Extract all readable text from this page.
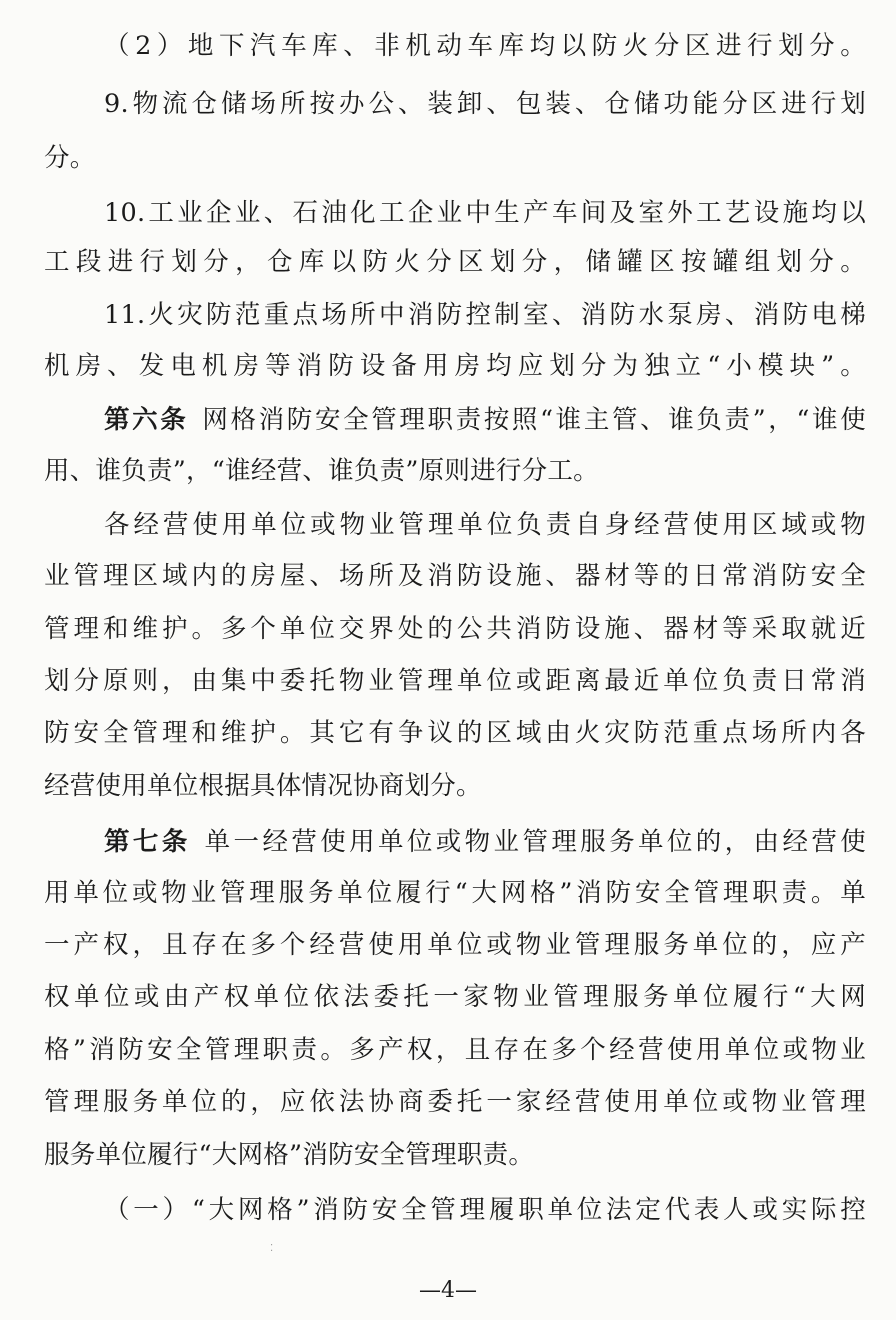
（2）地下汽车库、非机动车库均以防火分区进行划分。
9.物流仓储场所按办公、装卸、包装、仓储功能分区进行划
分。
10.工业企业、石油化工企业中生产车间及室外工艺设施均以
工段进行划分，仓库以防火分区划分，储罐区按罐组划分。
11.火灾防范重点场所中消防控制室、消防水泵房、消防电梯
机房、发电机房等消防设备用房均应划分为独立“小模块”。
第六条 网格消防安全管理职责按照“谁主管、谁负责”，“谁使
用、谁负责”，“谁经营、谁负责”原则进行分工。
各经营使用单位或物业管理单位负责自身经营使用区域或物
业管理区域内的房屋、场所及消防设施、器材等的日常消防安全
管理和维护。多个单位交界处的公共消防设施、器材等采取就近
划分原则，由集中委托物业管理单位或距离最近单位负责日常消
防安全管理和维护。其它有争议的区域由火灾防范重点场所内各
经营使用单位根据具体情况协商划分。
第七条 单一经营使用单位或物业管理服务单位的，由经营使
用单位或物业管理服务单位履行“大网格”消防安全管理职责。单
一产权，且存在多个经营使用单位或物业管理服务单位的，应产
权单位或由产权单位依法委托一家物业管理服务单位履行“大网
格”消防安全管理职责。多产权，且存在多个经营使用单位或物业
管理服务单位的，应依法协商委托一家经营使用单位或物业管理
服务单位履行“大网格”消防安全管理职责。
（一）“大网格”消防安全管理履职单位法定代表人或实际控
⁚
—4—
